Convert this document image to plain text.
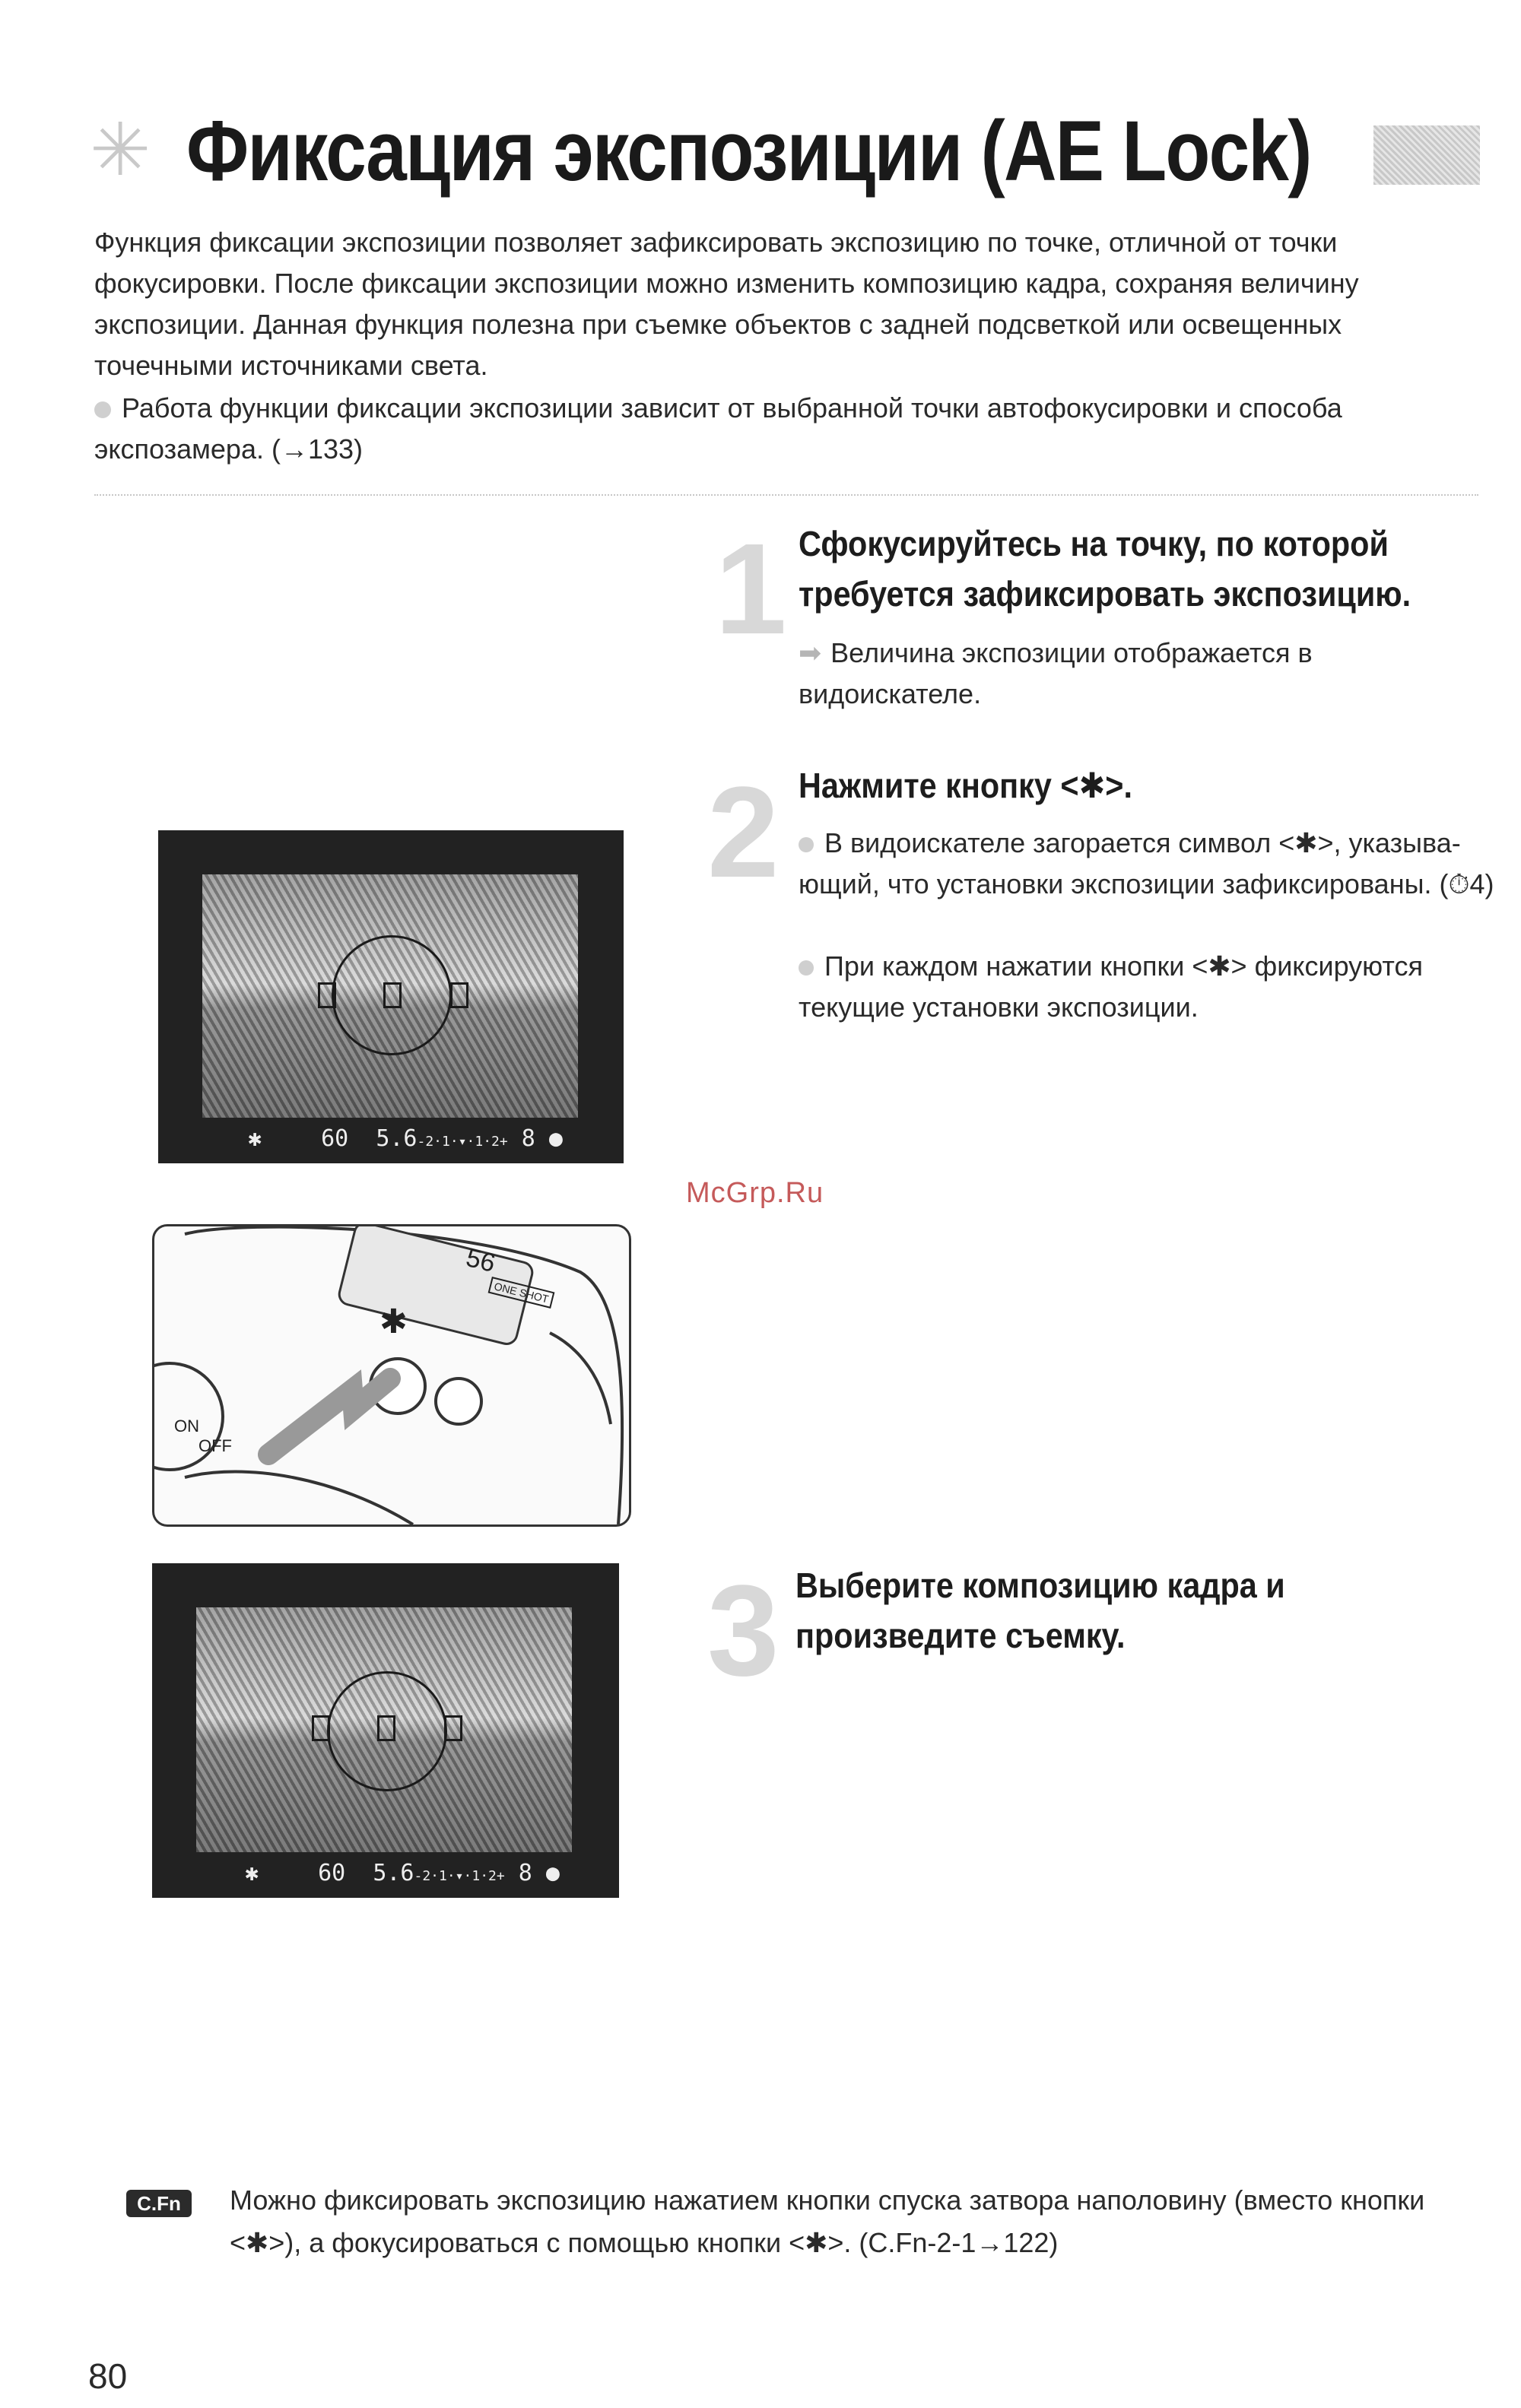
✳ Фиксация экспозиции (AE Lock)
Функция фиксации экспозиции позволяет зафиксировать экспозицию по точке, отличной от точки фокусировки. После фиксации экспозиции можно изменить композицию кадра, сохраняя величину экспозиции. Данная функция полезна при съемке объектов с задней подсветкой или освещенных точечными источниками света.
Работа функции фиксации экспозиции зависит от выбранной точки автофокусировки и способа экспозамера. (→133)
1 Сфокусируйтесь на точку, по которой требуется зафиксировать экспозицию.
➡ Величина экспозиции отображается в видоискателе.
2 Нажмите кнопку <✱>.
В видоискателе загорается символ <✱>, указывающий, что установки экспозиции зафиксированы. (⏱4)
При каждом нажатии кнопки <✱> фиксируются текущие установки экспозиции.
3 Выберите композицию кадра и произведите съемку.
✱	60 5.6-2·1·▾·1·2+ 8 ●
McGrp.Ru
✱
56
ONE SHOT
ON
OFF
✱	60 5.6-2·1·▾·1·2+ 8 ●
C.Fn	Можно фиксировать экспозицию нажатием кнопки спуска затвора наполовину (вместо кнопки <✱>), а фокусироваться с помощью кнопки <✱>. (C.Fn-2-1→122)
80
